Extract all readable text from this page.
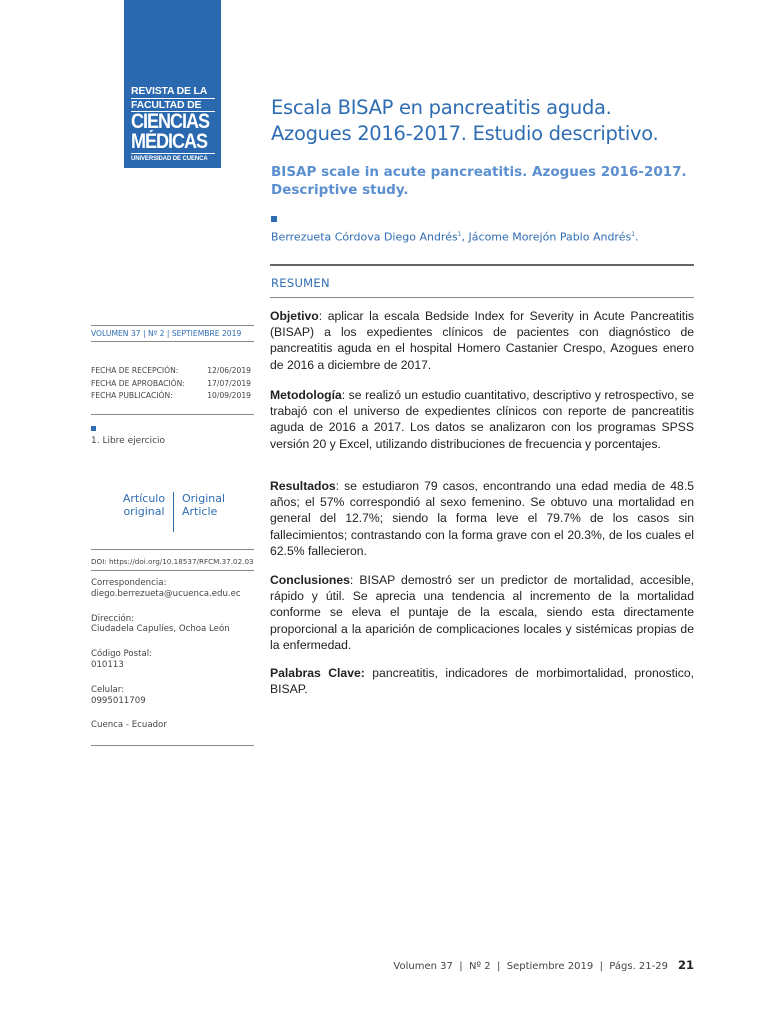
REVISTA DE LA
FACULTAD DE
CIENCIAS
MÉDICAS
UNIVERSIDAD DE CUENCA
Escala BISAP en pancreatitis aguda.
Azogues 2016-2017. Estudio descriptivo.
BISAP scale in acute pancreatitis. Azogues 2016-2017.
Descriptive study.
Berrezueta Córdova Diego Andrés$^1$, Jácome Morejón Pablo Andrés$^1$.
RESUMEN

Objetivo: aplicar la escala Bedside Index for Severity in Acute Pancreatitis (BISAP) a los expedientes clínicos de pacientes con diagnóstico de pancreatitis aguda en el hospital Homero Castanier Crespo, Azogues enero de 2016 a diciembre de 2017.

Metodología: se realizó un estudio cuantitativo, descriptivo y retrospectivo, se trabajó con el universo de expedientes clínicos con reporte de pancreatitis aguda de 2016 a 2017. Los datos se analizaron con los programas SPSS versión 20 y Excel, utilizando distribuciones de frecuencia y porcentajes.

Resultados: se estudiaron 79 casos, encontrando una edad media de 48.5 años; el 57% correspondió al sexo femenino. Se obtuvo una mortalidad en general del 12.7%; siendo la forma leve el 79.7% de los casos sin fallecimientos; contrastando con la forma grave con el 20.3%, de los cuales el 62.5% fallecieron.

Conclusiones: BISAP demostró ser un predictor de mortalidad, accesible, rápido y útil. Se aprecia una tendencia al incremento de la mortalidad conforme se eleva el puntaje de la escala, siendo esta directamente proporcional a la aparición de complicaciones locales y sistémicas propias de la enfermedad.

Palabras Clave: pancreatitis, indicadores de morbimortalidad, pronostico, BISAP.

VOLUMEN 37 | Nº 2 | SEPTIEMBRE 2019
FECHA DE RECEPCIÓN:	12/06/2019
FECHA DE APROBACIÓN:	17/07/2019
FECHA PUBLICACIÓN:	10/09/2019
1. Libre ejercicio
Artículo
original
Original
Article
DOI: https://doi.org/10.18537/RFCM.37.02.03
Correspondencia:
diego.berrezueta@ucuenca.edu.ec
Dirección:
Ciudadela Capulíes, Ochoa León
Código Postal:
010113
Celular:
0995011709
Cuenca - Ecuador
Volumen 37  |  Nº 2  |  Septiembre 2019  |  Págs. 21-29 21
